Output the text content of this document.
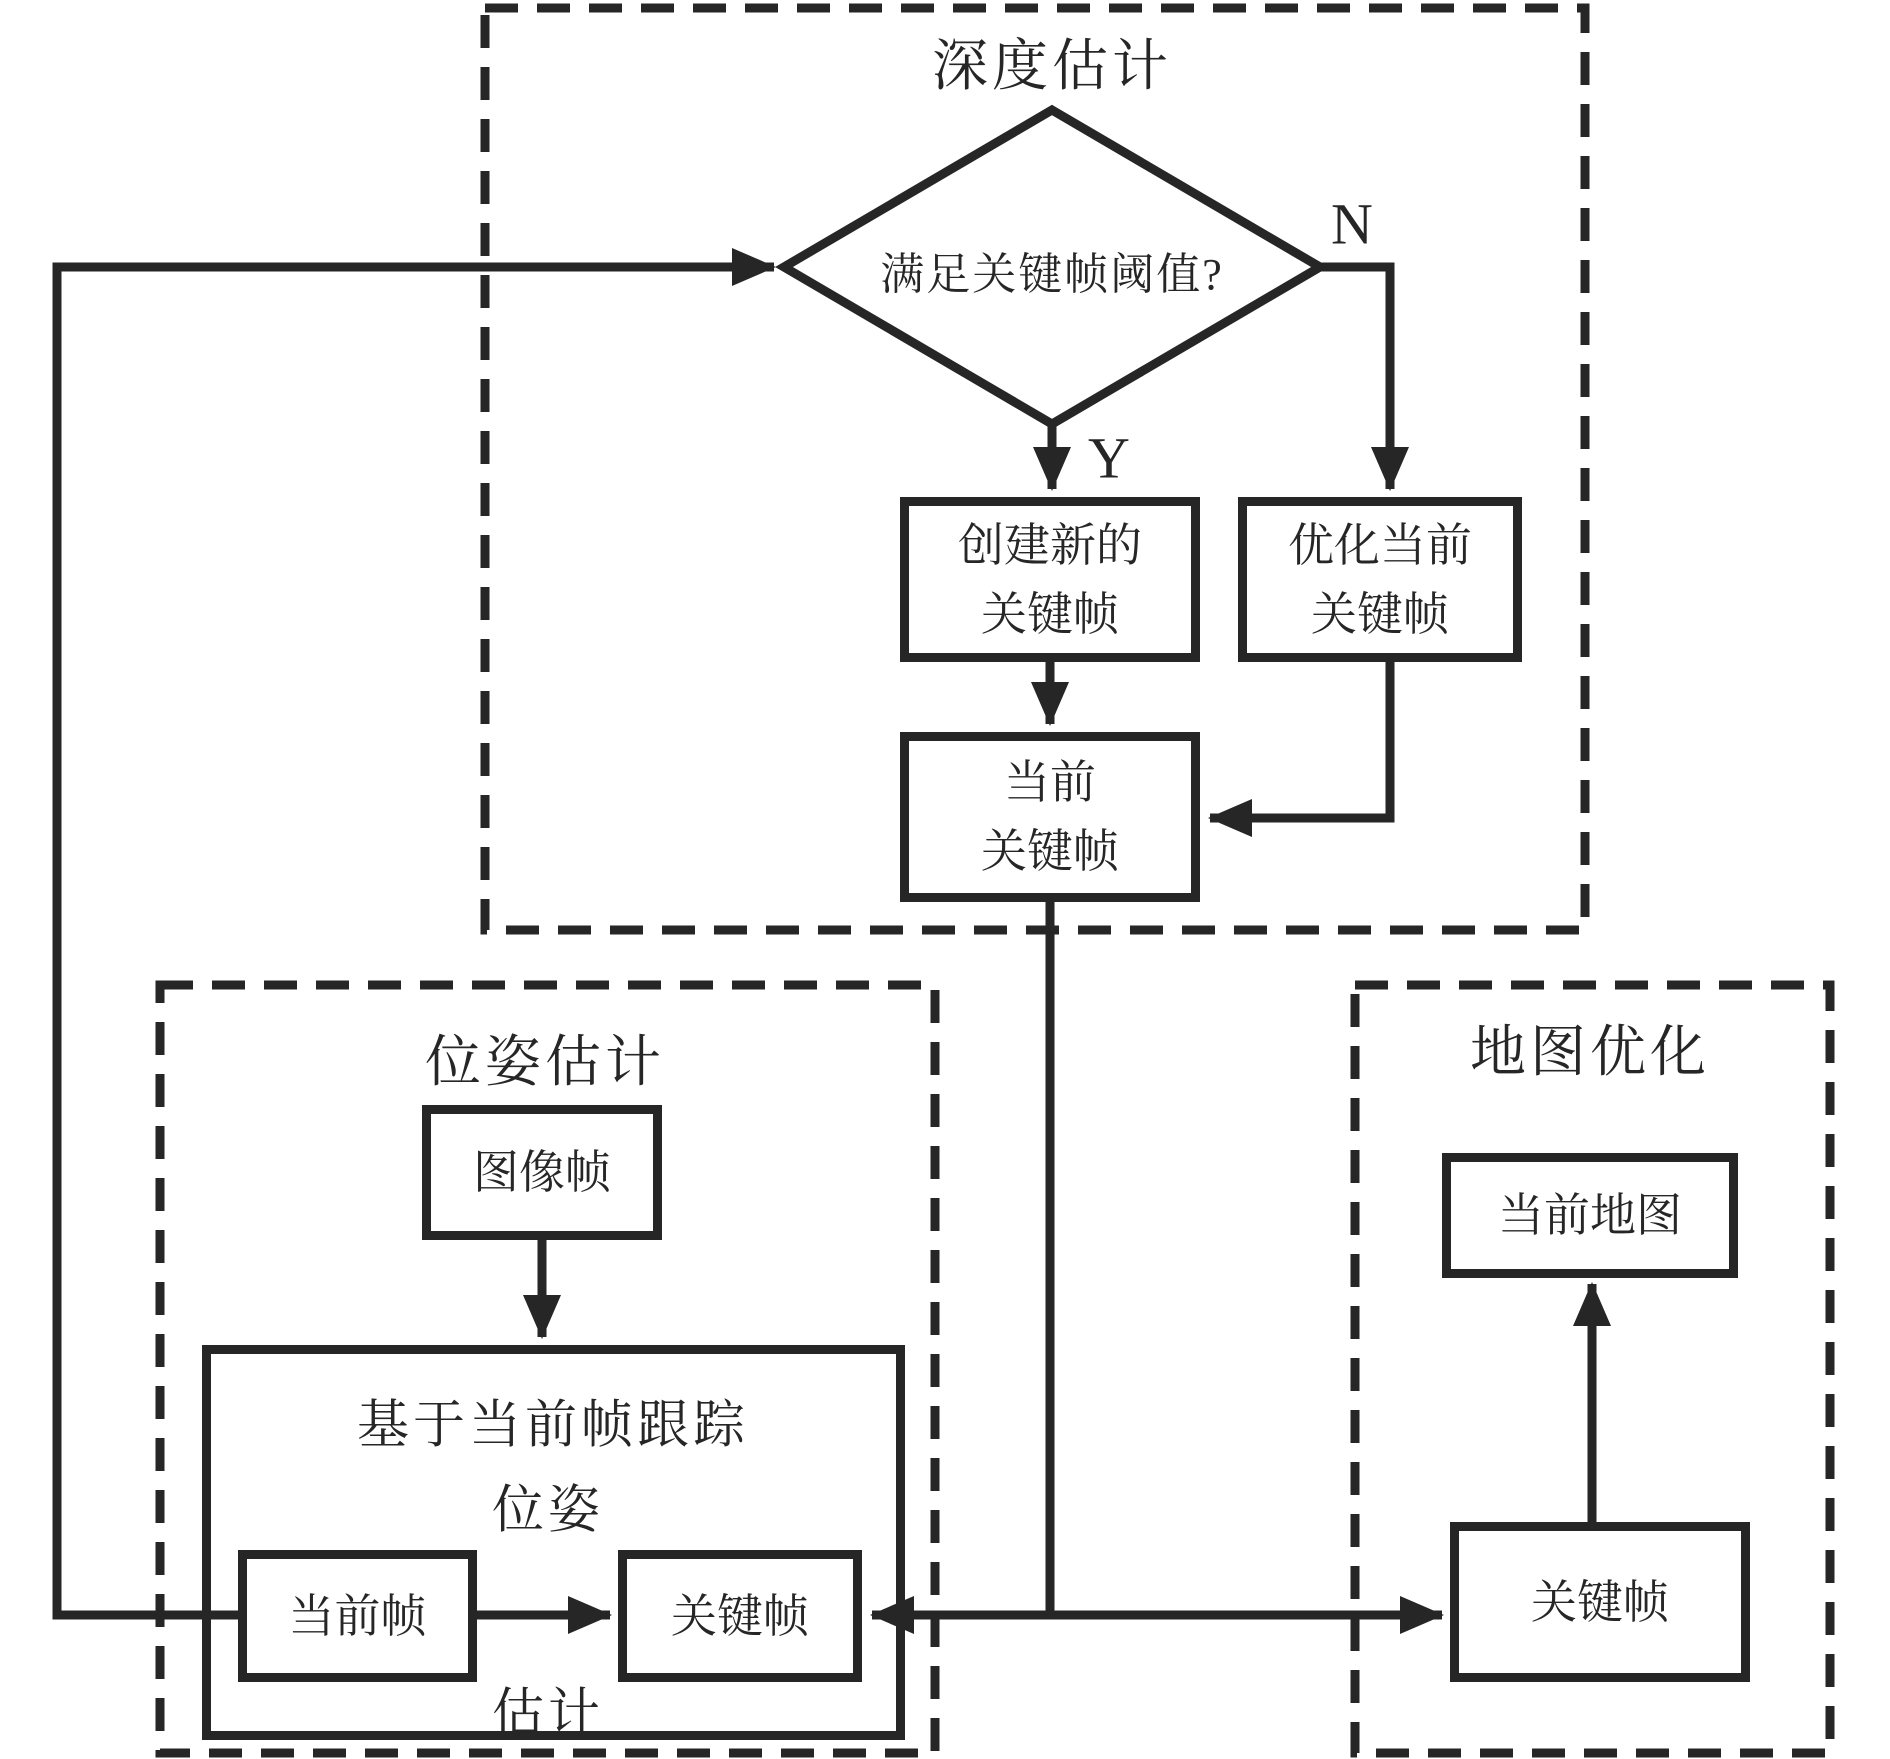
深度估计
位姿估计	地图优化
满足关键帧阈值?
N
Y
创建新的
关键帧
优化当前
关键帧
当前
关键帧
图像帧
基于当前帧跟踪
位姿
估计
当前帧	关键帧
当前地图
关键帧
